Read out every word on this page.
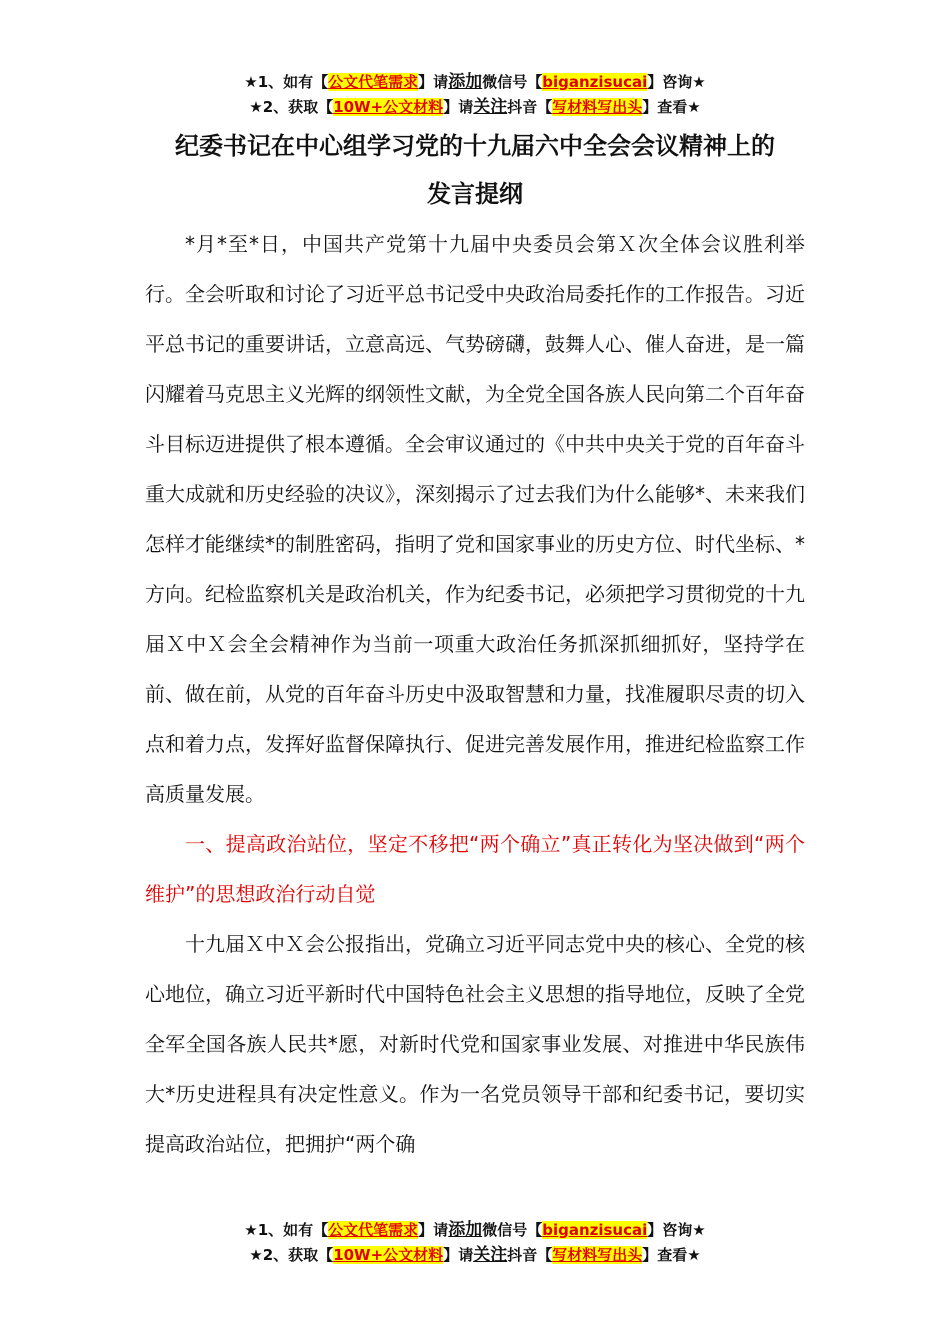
★1、如有【公文代笔需求】请添加微信号【biganzisucai】咨询★
★2、获取【10W+公文材料】请关注抖音【写材料写出头】查看★
纪委书记在中心组学习党的十九届六中全会会议精神上的
发言提纲

*月*至*日，中国共产党第十九届中央委员会第Ｘ次全体会议胜利举行。全会听取和讨论了习近平总书记受中央政治局委托作的工作报告。习近平总书记的重要讲话，立意高远、气势磅礴，鼓舞人心、催人奋进，是一篇闪耀着马克思主义光辉的纲领性文献，为全党全国各族人民向第二个百年奋斗目标迈进提供了根本遵循。全会审议通过的《中共中央关于党的百年奋斗重大成就和历史经验的决议》，深刻揭示了过去我们为什么能够*、未来我们怎样才能继续*的制胜密码，指明了党和国家事业的历史方位、时代坐标、*方向。纪检监察机关是政治机关，作为纪委书记，必须把学习贯彻党的十九届Ｘ中Ｘ会全会精神作为当前一项重大政治任务抓深抓细抓好，坚持学在前、做在前，从党的百年奋斗历史中汲取智慧和力量，找准履职尽责的切入点和着力点，发挥好监督保障执行、促进完善发展作用，推进纪检监察工作高质量发展。

一、提高政治站位，坚定不移把“两个确立”真正转化为坚决做到“两个维护”的思想政治行动自觉

十九届Ｘ中Ｘ会公报指出，党确立习近平同志党中央的核心、全党的核心地位，确立习近平新时代中国特色社会主义思想的指导地位，反映了全党全军全国各族人民共*愿，对新时代党和国家事业发展、对推进中华民族伟大*历史进程具有决定性意义。作为一名党员领导干部和纪委书记，要切实提高政治站位，把拥护“两个确

★1、如有【公文代笔需求】请添加微信号【biganzisucai】咨询★
★2、获取【10W+公文材料】请关注抖音【写材料写出头】查看★
